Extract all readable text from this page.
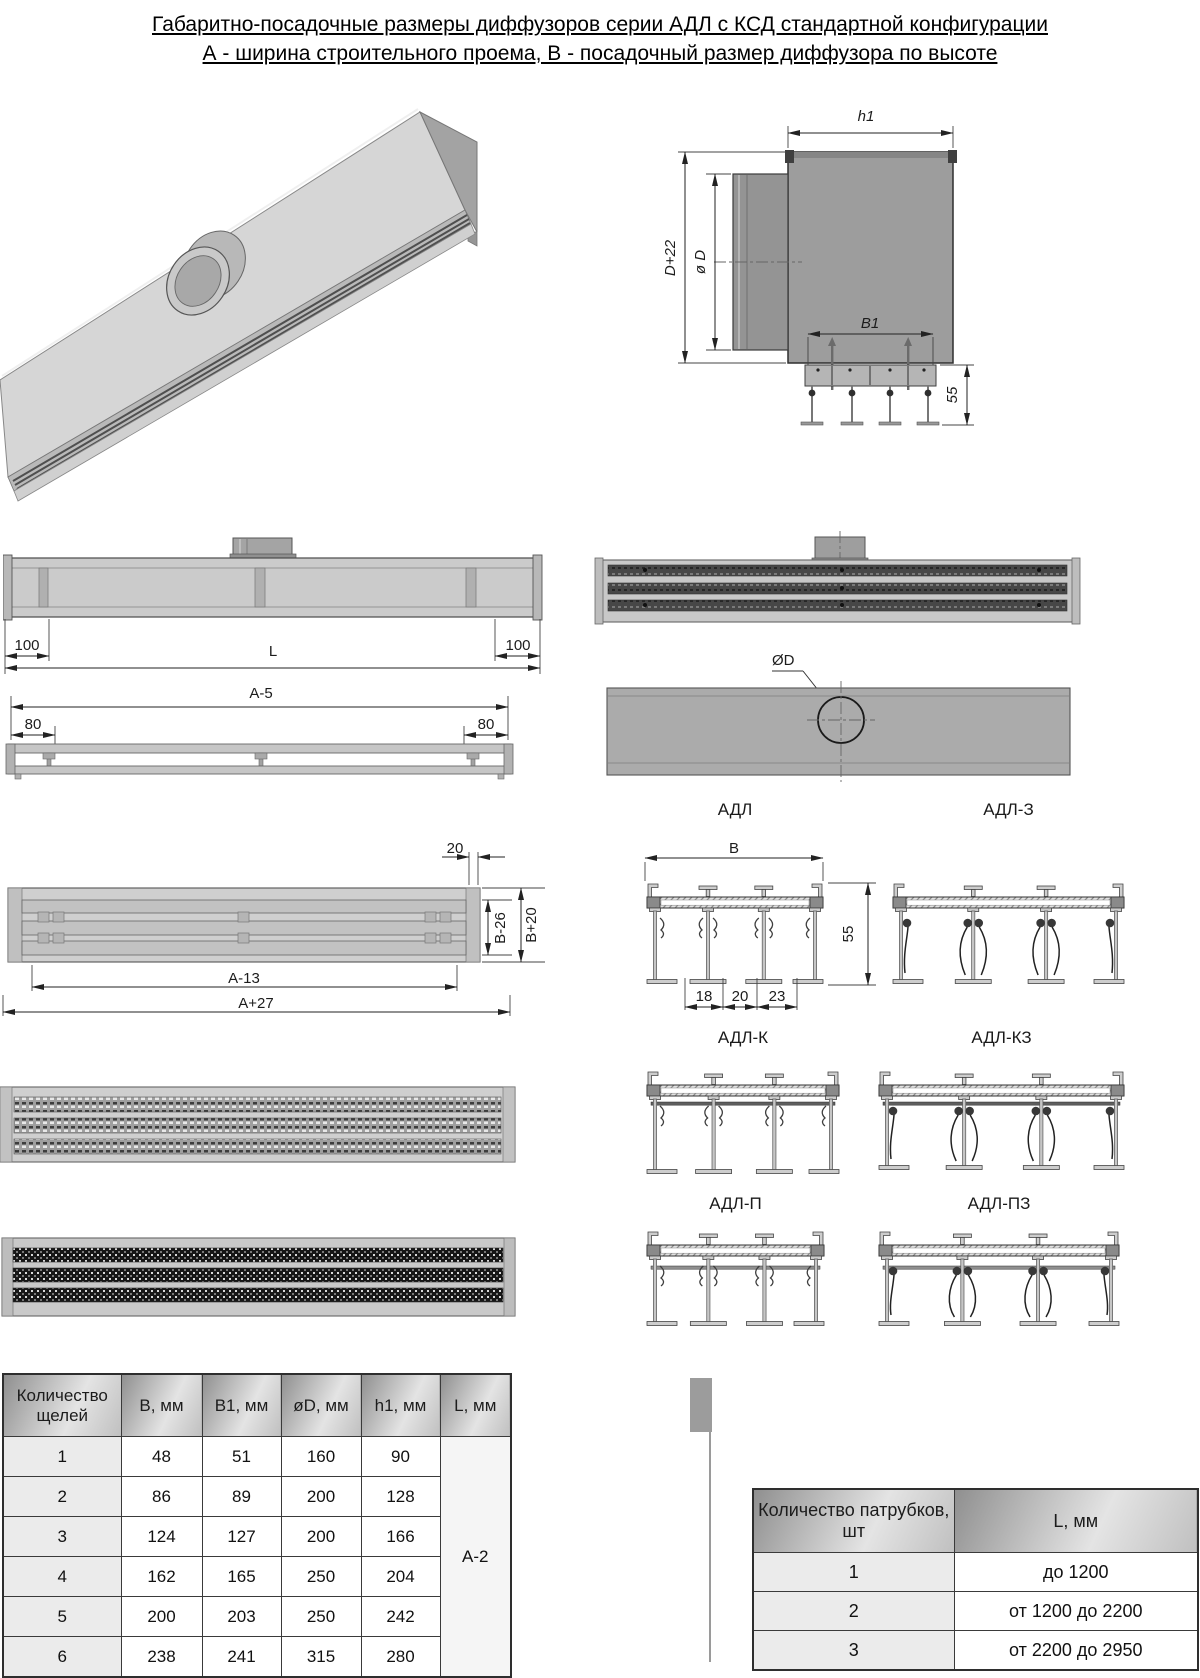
Габаритно-посадочные размеры диффузоров серии АДЛ с КСД стандартной конфигурации
А - ширина строительного проема, В - посадочный размер диффузора по высоте
h1
D+22 ø D
B1
55
100	100
L
А-5
80	80
ØD
20
В-26 В+20
А-13
А+27
АДЛ	АДЛ-З
АДЛ-К	АДЛ-КЗ
АДЛ-П	АДЛ-ПЗ
В
55
18 20 23
Количество щелей	В, мм	В1, мм	øD, мм	h1, мм	L, мм
1	48	51	160	90	А-2
2	86	89	200	128	
3	124	127	200	166	
4	162	165	250	204	
5	200	203	250	242	
6	238	241	315	280	
Количество патрубков, шт	L, мм
1	до 1200
2	от 1200 до 2200
3	от 2200 до 2950
